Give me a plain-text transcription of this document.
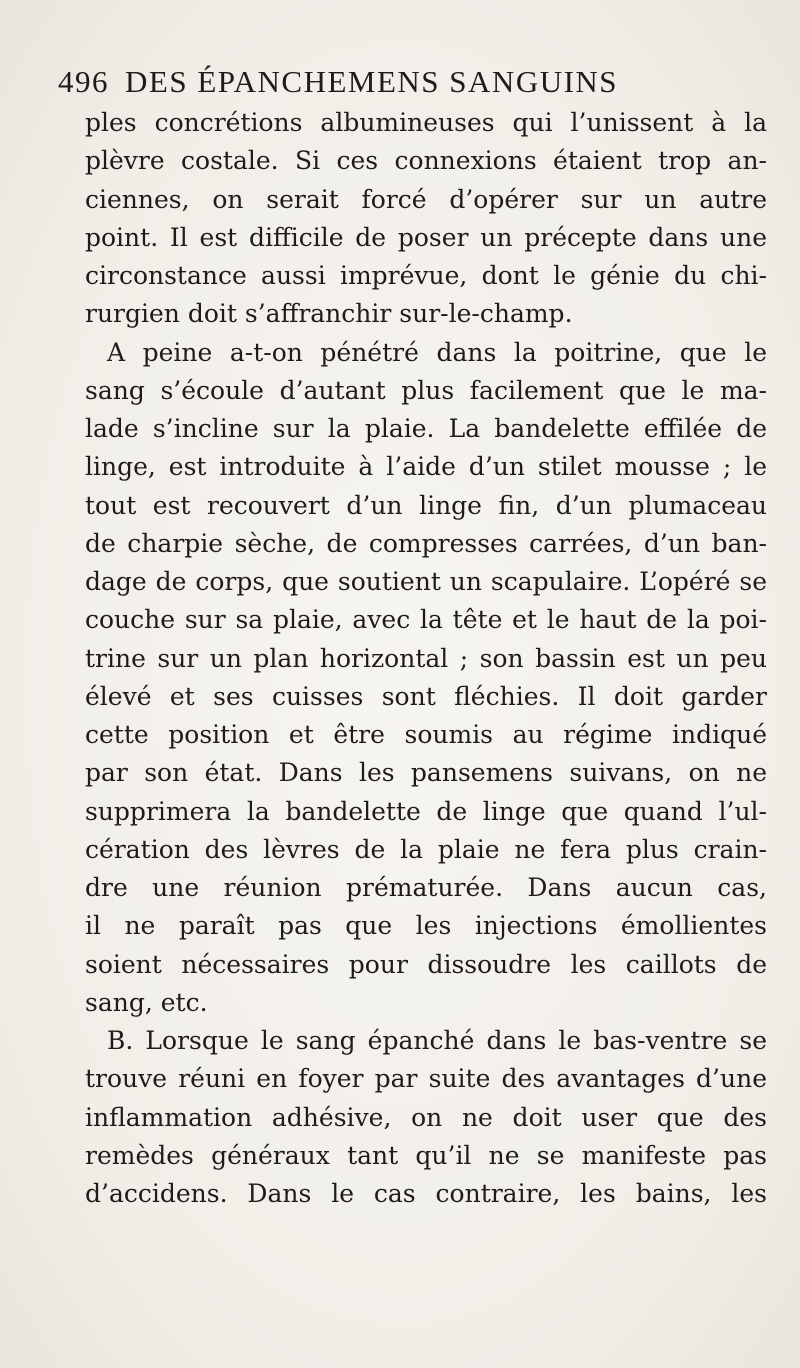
496 DES ÉPANCHEMENS SANGUINS
ples concrétions albumineuses qui l’unissent à la
plèvre costale. Si ces connexions étaient trop an-
ciennes, on serait forcé d’opérer sur un autre
point. Il est difficile de poser un précepte dans une
circonstance aussi imprévue, dont le génie du chi-
rurgien doit s’affranchir sur-le-champ.
A peine a-t-on pénétré dans la poitrine, que le
sang s’écoule d’autant plus facilement que le ma-
lade s’incline sur la plaie. La bandelette effilée de
linge, est introduite à l’aide d’un stilet mousse ; le
tout est recouvert d’un linge fin, d’un plumaceau
de charpie sèche, de compresses carrées, d’un ban-
dage de corps, que soutient un scapulaire. L’opéré se
couche sur sa plaie, avec la tête et le haut de la poi-
trine sur un plan horizontal ; son bassin est un peu
élevé et ses cuisses sont fléchies. Il doit garder
cette position et être soumis au régime indiqué
par son état. Dans les pansemens suivans, on ne
supprimera la bandelette de linge que quand l’ul-
cération des lèvres de la plaie ne fera plus crain-
dre une réunion prématurée. Dans aucun cas,
il ne paraît pas que les injections émollientes
soient nécessaires pour dissoudre les caillots de
sang, etc.
B. Lorsque le sang épanché dans le bas-ventre se
trouve réuni en foyer par suite des avantages d’une
inflammation adhésive, on ne doit user que des
remèdes généraux tant qu’il ne se manifeste pas
d’accidens. Dans le cas contraire, les bains, les
